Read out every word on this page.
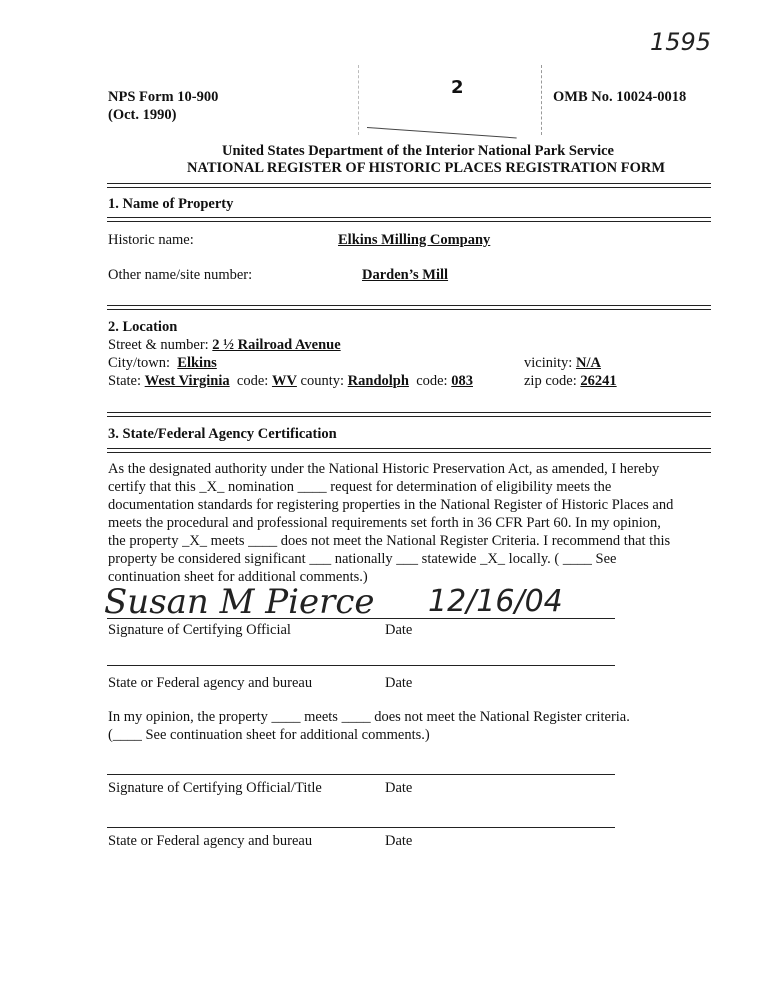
1595
NPS Form 10-900
(Oct. 1990)
2	OMB No. 10024-0018
United States Department of the Interior National Park Service
NATIONAL REGISTER OF HISTORIC PLACES REGISTRATION FORM
1. Name of Property
Historic name:	Elkins Milling Company
Other name/site number:	Darden’s Mill
2. Location
Street & number: 2 ½ Railroad Avenue
City/town: Elkins	vicinity: N/A
State: West Virginia code: WV county: Randolph code: 083	zip code: 26241
3. State/Federal Agency Certification
As the designated authority under the National Historic Preservation Act, as amended, I hereby
certify that this _X_ nomination ____ request for determination of eligibility meets the
documentation standards for registering properties in the National Register of Historic Places and
meets the procedural and professional requirements set forth in 36 CFR Part 60. In my opinion,
the property _X_ meets ____ does not meet the National Register Criteria. I recommend that this
property be considered significant ___ nationally ___ statewide _X_ locally. ( ____ See
continuation sheet for additional comments.)
Susan M Pierce 12/16/04
Signature of Certifying Official	Date
State or Federal agency and bureau	Date
In my opinion, the property ____ meets ____ does not meet the National Register criteria.
(____ See continuation sheet for additional comments.)
Signature of Certifying Official/Title	Date
State or Federal agency and bureau	Date
